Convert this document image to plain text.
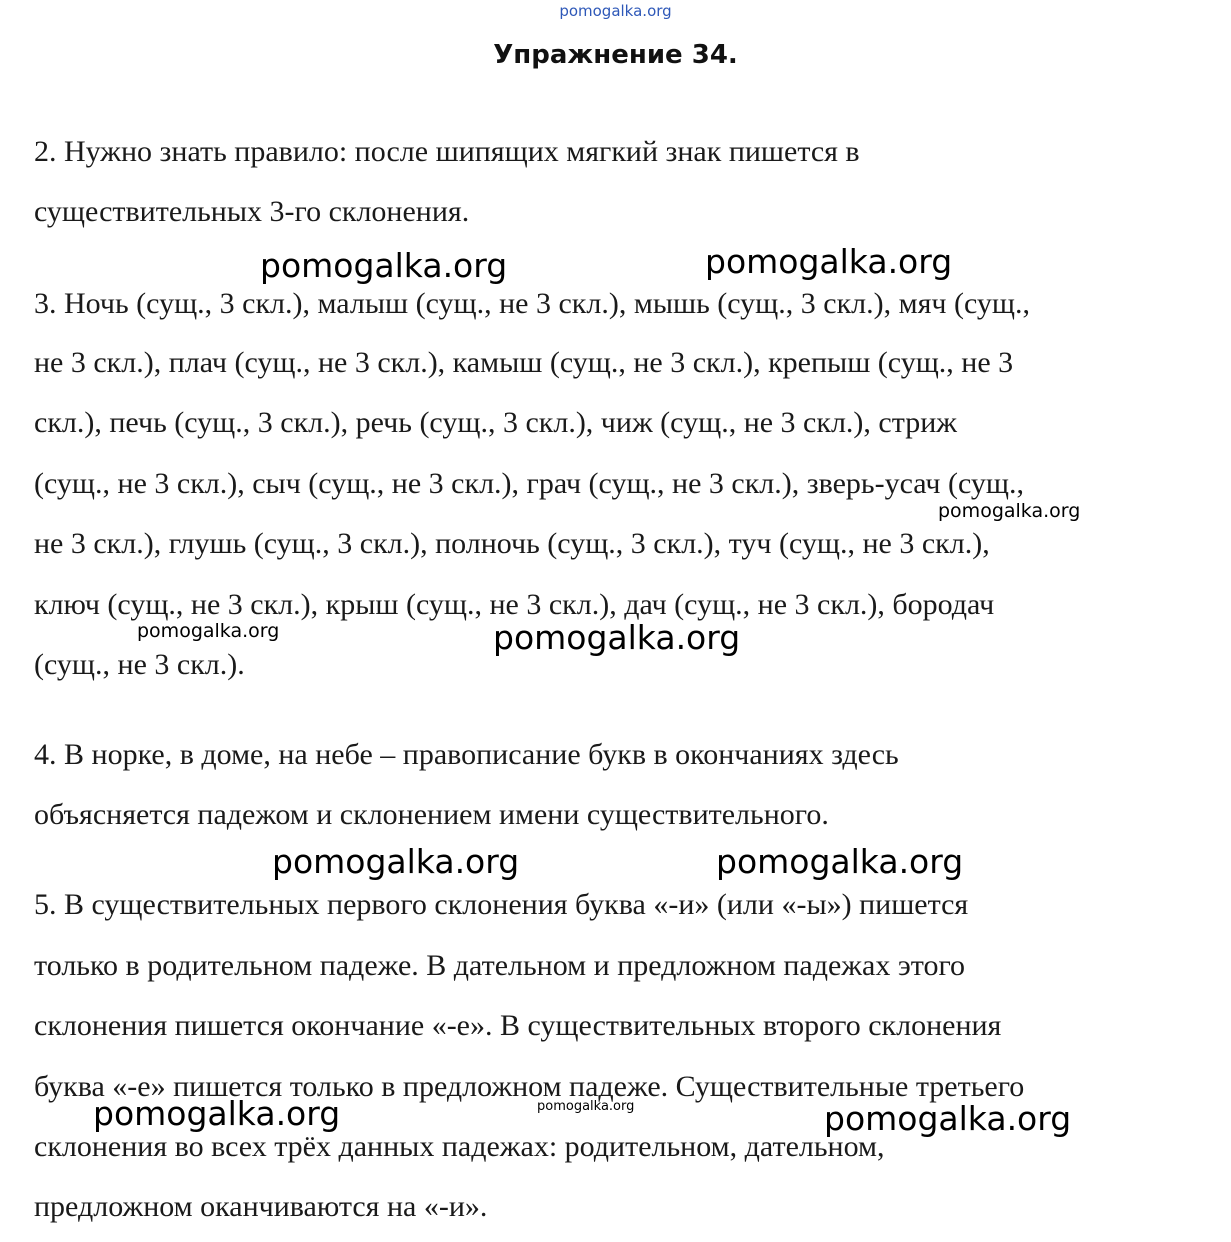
pomogalka.org
Упражнение 34.
2. Нужно знать правило: после шипящих мягкий знак пишется в
существительных 3-го склонения.
3. Ночь (сущ., 3 скл.), малыш (сущ., не 3 скл.), мышь (сущ., 3 скл.), мяч (сущ.,
не 3 скл.), плач (сущ., не 3 скл.), камыш (сущ., не 3 скл.), крепыш (сущ., не 3
скл.), печь (сущ., 3 скл.), речь (сущ., 3 скл.), чиж (сущ., не 3 скл.), стриж
(сущ., не 3 скл.), сыч (сущ., не 3 скл.), грач (сущ., не 3 скл.), зверь-усач (сущ.,
не 3 скл.), глушь (сущ., 3 скл.), полночь (сущ., 3 скл.), туч (сущ., не 3 скл.),
ключ (сущ., не 3 скл.), крыш (сущ., не 3 скл.), дач (сущ., не 3 скл.), бородач
(сущ., не 3 скл.).
4. В норке, в доме, на небе – правописание букв в окончаниях здесь
объясняется падежом и склонением имени существительного.
5. В существительных первого склонения буква «-и» (или «-ы») пишется
только в родительном падеже. В дательном и предложном падежах этого
склонения пишется окончание «-е». В существительных второго склонения
буква «-е» пишется только в предложном падеже. Существительные третьего
склонения во всех трёх данных падежах: родительном, дательном,
предложном оканчиваются на «-и».
pomogalka.org	pomogalka.org
pomogalka.org
pomogalka.org	pomogalka.org
pomogalka.org	pomogalka.org
pomogalka.org	pomogalka.org	pomogalka.org
